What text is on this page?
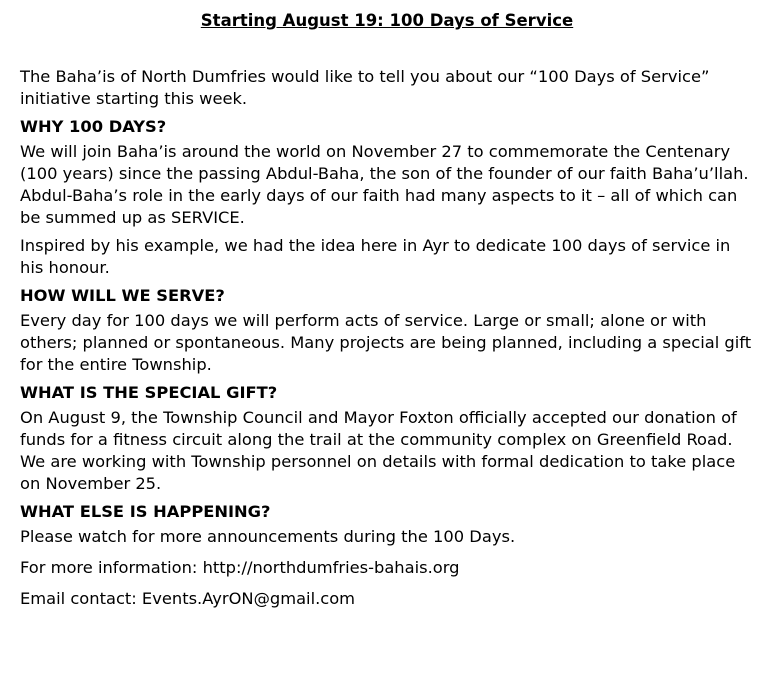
Starting August 19: 100 Days of Service

The Baha’is of North Dumfries would like to tell you about our “100 Days of Service” initiative starting this week.

WHY 100 DAYS?

We will join Baha’is around the world on November 27 to commemorate the Centenary (100 years) since the passing Abdul-Baha, the son of the founder of our faith Baha’u’llah. Abdul-Baha’s role in the early days of our faith had many aspects to it – all of which can be summed up as SERVICE.

Inspired by his example, we had the idea here in Ayr to dedicate 100 days of service in his honour.

HOW WILL WE SERVE?

Every day for 100 days we will perform acts of service. Large or small; alone or with others; planned or spontaneous. Many projects are being planned, including a special gift for the entire Township.

WHAT IS THE SPECIAL GIFT?

On August 9, the Township Council and Mayor Foxton officially accepted our donation of funds for a fitness circuit along the trail at the community complex on Greenfield Road. We are working with Township personnel on details with formal dedication to take place on November 25.

WHAT ELSE IS HAPPENING?

Please watch for more announcements during the 100 Days.

For more information: http://northdumfries-bahais.org

Email contact: Events.AyrON@gmail.com
